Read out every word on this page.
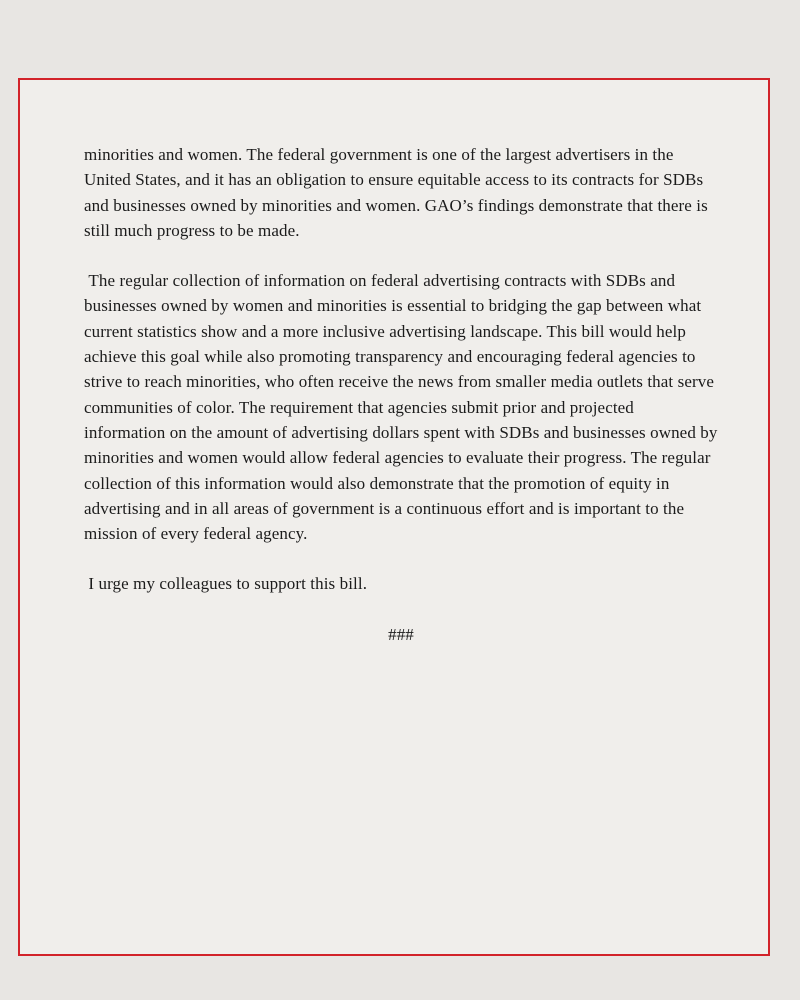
minorities and women. The federal government is one of the largest advertisers in the United States, and it has an obligation to ensure equitable access to its contracts for SDBs and businesses owned by minorities and women. GAO’s findings demonstrate that there is still much progress to be made.

The regular collection of information on federal advertising contracts with SDBs and businesses owned by women and minorities is essential to bridging the gap between what current statistics show and a more inclusive advertising landscape. This bill would help achieve this goal while also promoting transparency and encouraging federal agencies to strive to reach minorities, who often receive the news from smaller media outlets that serve communities of color. The requirement that agencies submit prior and projected information on the amount of advertising dollars spent with SDBs and businesses owned by minorities and women would allow federal agencies to evaluate their progress. The regular collection of this information would also demonstrate that the promotion of equity in advertising and in all areas of government is a continuous effort and is important to the mission of every federal agency.

I urge my colleagues to support this bill.

###
